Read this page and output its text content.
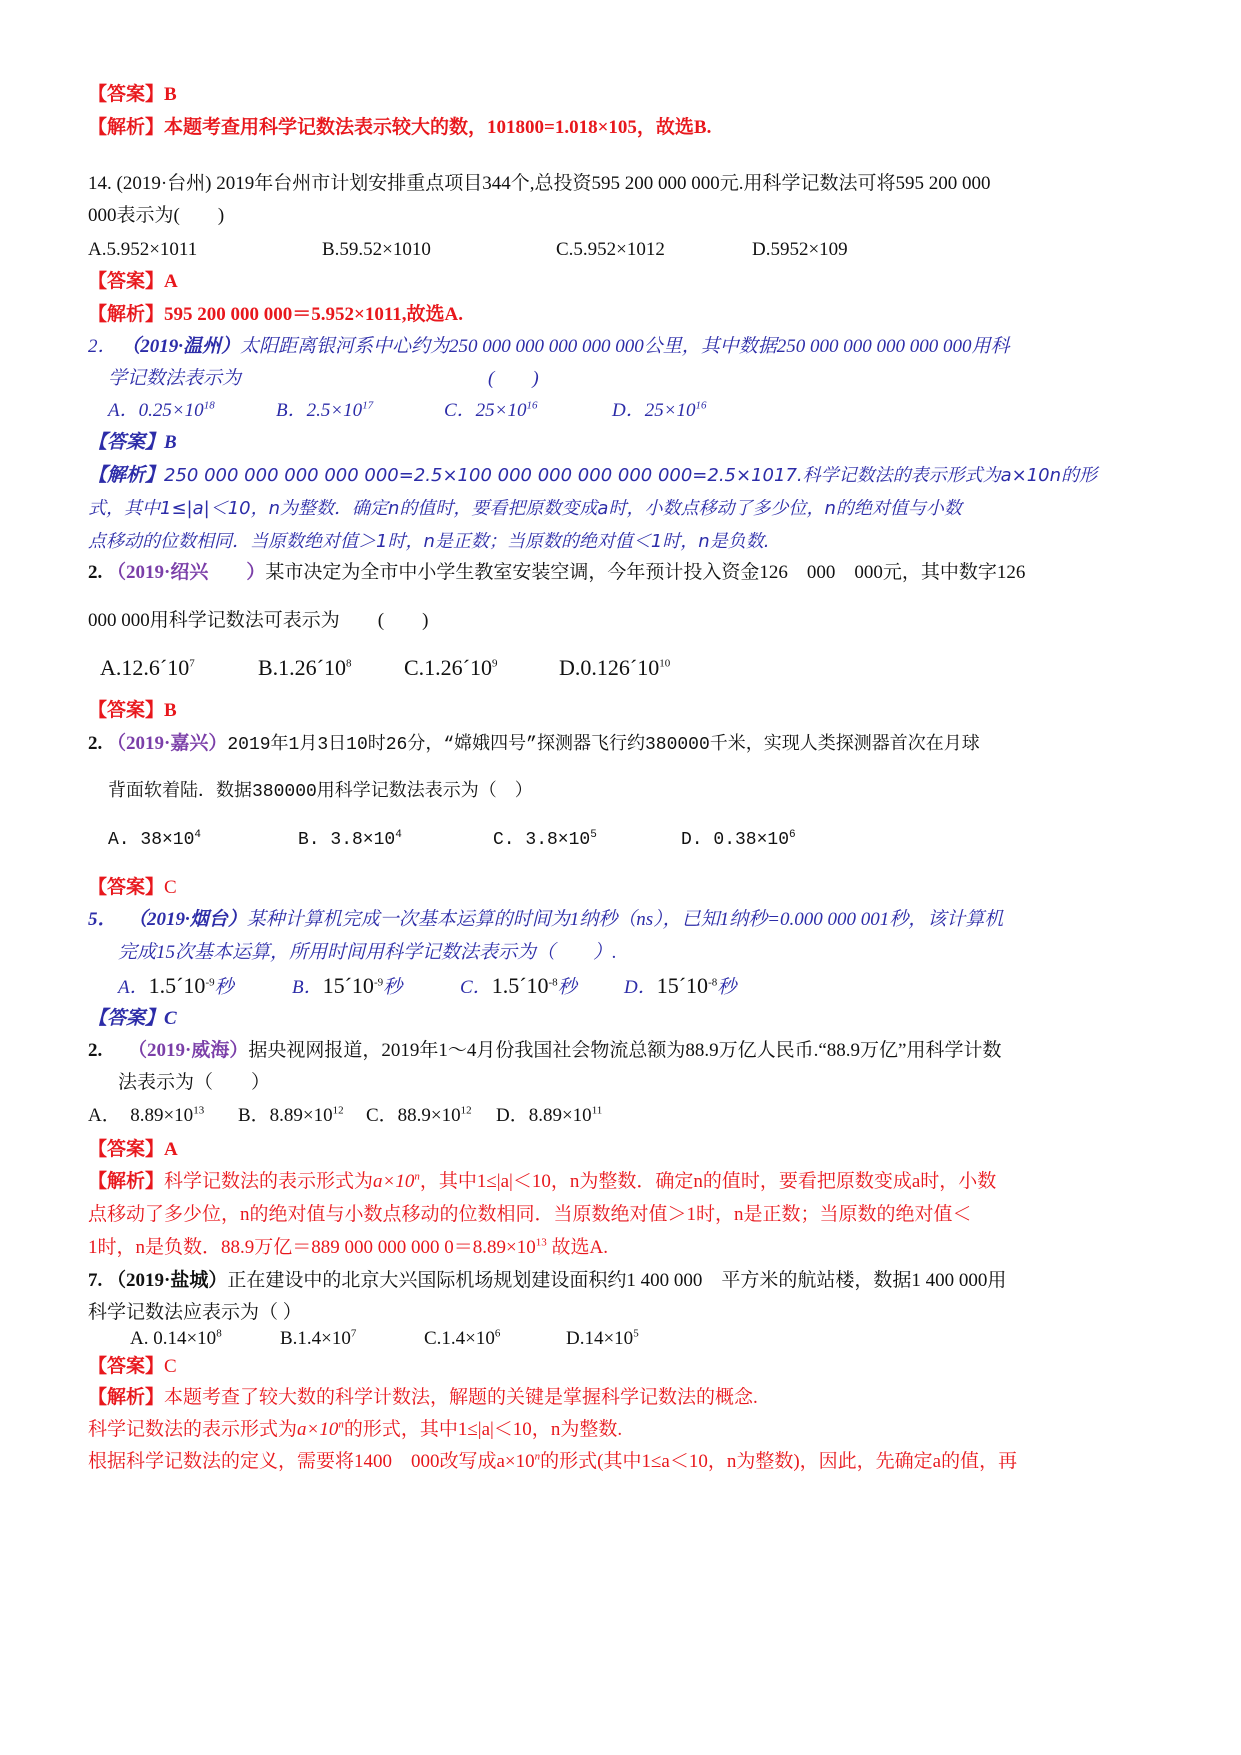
【答案】B
【解析】本题考查用科学记数法表示较大的数，101800=1.018×105，故选B.
14. (2019·台州) 2019年台州市计划安排重点项目344个,总投资595 200 000 000元.用科学记数法可将595 200 000
000表示为(　　)
A.5.952×1011	B.59.52×1010	C.5.952×1012	D.5952×109
【答案】A
【解析】595 200 000 000＝5.952×1011,故选A.
2． （2019·温州）太阳距离银河系中心约为250 000 000 000 000 000公里，其中数据250 000 000 000 000 000用科
学记数法表示为	(　　)
A．$0.25\times 10^{18}$	B．$2.5\times 10^{17}$	C．$25\times 10^{16}$	D．$25\times 10^{16}$
【答案】B
【解析】250 000 000 000 000 000=2.5×100 000 000 000 000 000=2.5×1017.科学记数法的表示形式为a×10n的形
式，其中1≤|a|＜10，n为整数．确定n的值时，要看把原数变成a时，小数点移动了多少位，n的绝对值与小数
点移动的位数相同．当原数绝对值＞1时，n是正数；当原数的绝对值＜1时，n是负数.
2. （2019·绍兴　　）某市决定为全市中小学生教室安装空调，今年预计投入资金126　000　000元，其中数字126
000 000用科学记数法可表示为　　(　　)
$A.12.6´10^7$	$B.1.26´10^8$ $C.1.26´10^9$	$D.0.126´10^{10}$
【答案】B
2. （2019·嘉兴）2019年1月3日10时26分，“嫦娥四号”探测器飞行约380000千米，实现人类探测器首次在月球
背面软着陆．数据380000用科学记数法表示为（　）
A. $38\times 10^4$	B. $3.8\times 10^4$	C. $3.8\times 10^5$	D. $0.38\times 10^6$
【答案】C
5． （2019·烟台）某种计算机完成一次基本运算的时间为1纳秒（ns），已知1纳秒=0.000 000 001秒，该计算机
完成15次基本运算，所用时间用科学记数法表示为（　　）.
A．$1.5´10^{-9}$秒	B．$15´10^{-9}$秒	C．$1.5´10^{-8}$秒 D．$15´10^{-8}$秒
【答案】C
2. （2019·威海）据央视网报道，2019年1～4月份我国社会物流总额为88.9万亿人民币.“88.9万亿”用科学计数
法表示为（　　）
A．　$8.89\times 10^{13}$ B．$8.89\times 10^{12}$ C．$88.9\times 10^{12}$ D．$8.89\times 10^{11}$
【答案】A
【解析】科学记数法的表示形式为$a\times 10^n$，其中1≤|a|＜10，n为整数．确定n的值时，要看把原数变成a时，小数
点移动了多少位，n的绝对值与小数点移动的位数相同．当原数绝对值＞1时，n是正数；当原数的绝对值＜
1时，n是负数．88.9万亿＝889 000 000 000 $0=8.89\times 10^{13}$ 故选A.
7. （2019·盐城）正在建设中的北京大兴国际机场规划建设面积约1 400 000　平方米的航站楼，数据1 400 000用
科学记数法应表示为（ ）
A. $0.14\times 10^8$	$B.1.4\times 10^7$	$C.1.4\times 10^6$	$D.14\times 10^5$
【答案】C
【解析】本题考查了较大数的科学计数法，解题的关键是掌握科学记数法的概念.
科学记数法的表示形式为$a\times 10^n$的形式，其中1≤|a|＜10，n为整数.
根据科学记数法的定义，需要将1400　000改写成$a\times 10^n$的形式(其中1≤a＜10，n为整数)，因此，先确定a的值，再
